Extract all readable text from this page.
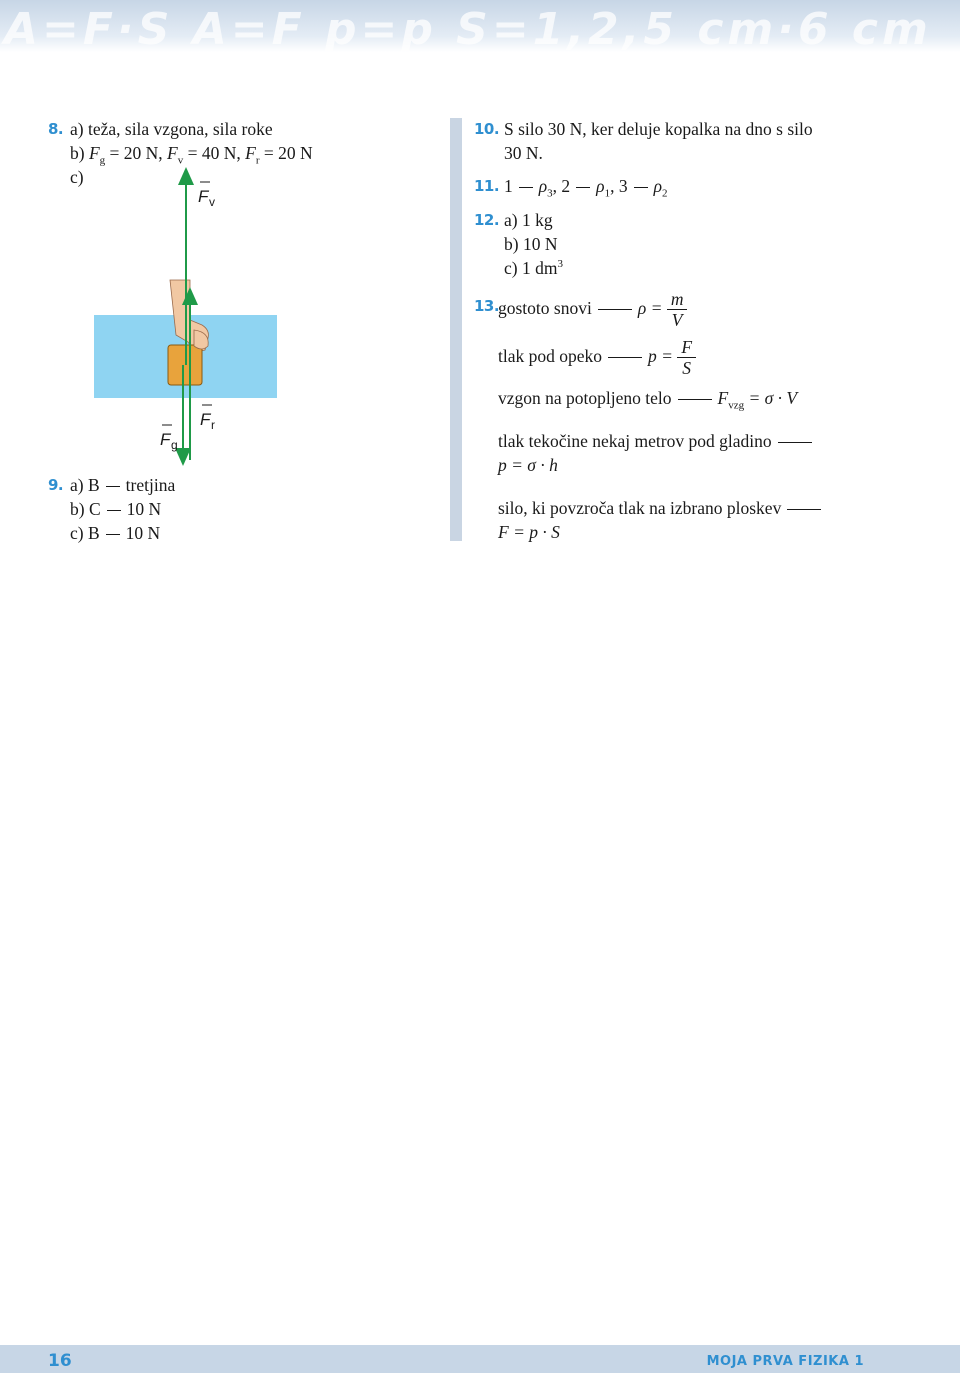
A=F·S A=F p=p S=1,2,5 cm·6 cm
8. a) teža, sila vzgona, sila roke
b) $F_g = 20$ N, $F_v = 40$ N, $F_r = 20$ N
c)
F v
F r
F g
9. a) B tretjina
b) C 10 N
c) B 10 N
10. S silo 30 N, ker deluje kopalka na dno s silo
30 N.
11. 1 $\rho_3$, 2 $\rho_1$, 3 $\rho_2$
12. a) 1 kg
b) 10 N
c) 1 $dm^3$
13.
gostoto snovi	$\rho = \frac{m}{V}$
tlak pod opeko	$p = \frac{F}{S}$
vzgon na potopljeno telo	$F_{vzg} = \sigma \cdot V$
tlak tekočine nekaj metrov pod gladino
p = σ · h
silo, ki povzroča tlak na izbrano ploskev
F = p · S
16	MOJA PRVA FIZIKA 1
